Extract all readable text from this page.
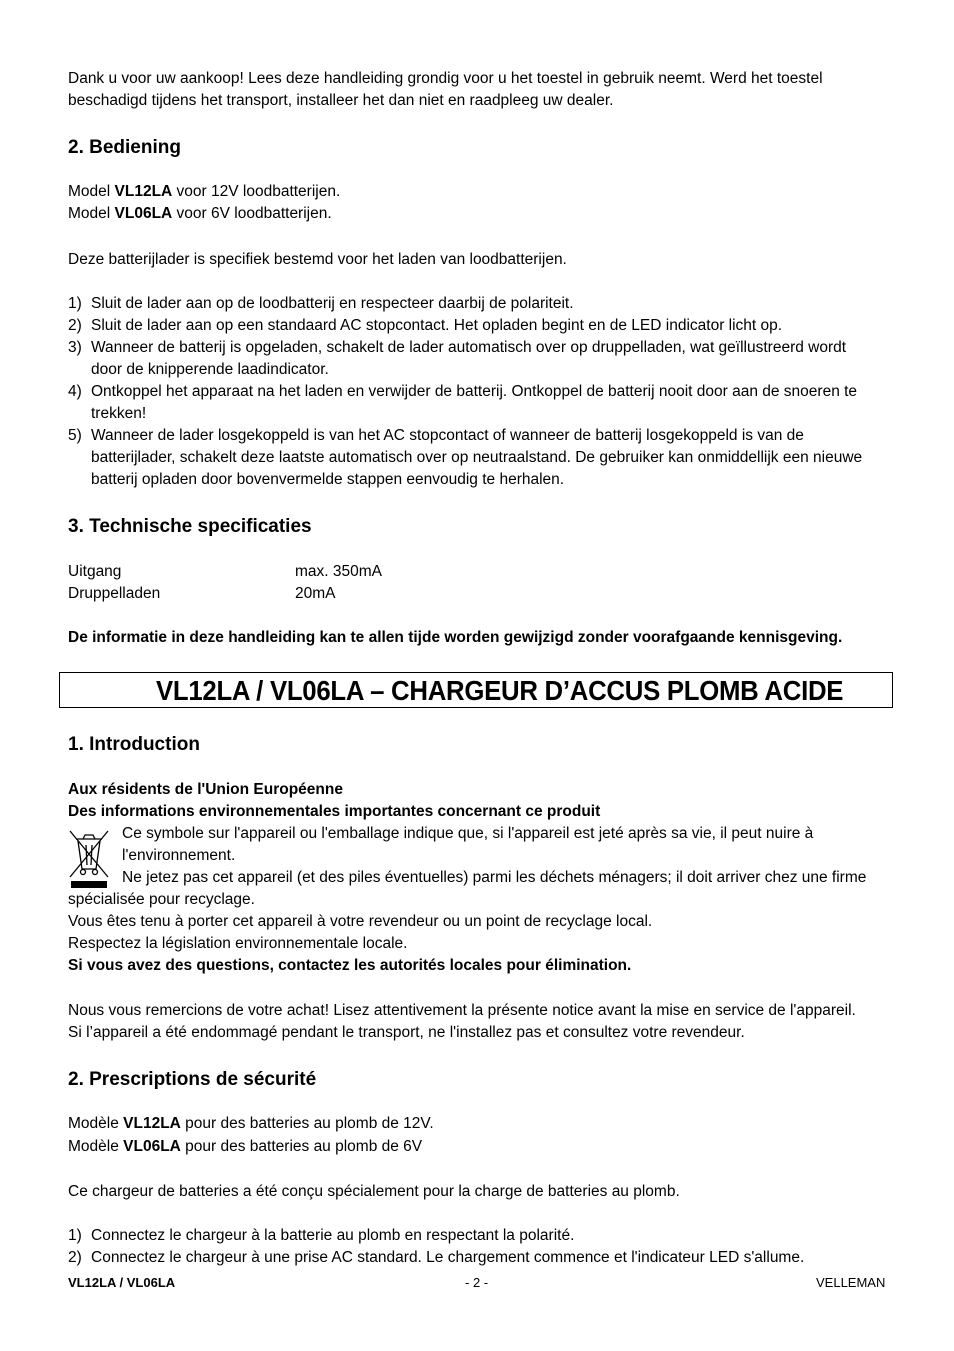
Dank u voor uw aankoop! Lees deze handleiding grondig voor u het toestel in gebruik neemt. Werd het toestel
beschadigd tijdens het transport, installeer het dan niet en raadpleeg uw dealer.
2. Bediening
Model VL12LA voor 12V loodbatterijen.
Model VL06LA voor 6V loodbatterijen.
Deze batterijlader is specifiek bestemd voor het laden van loodbatterijen.
1) Sluit de lader aan op de loodbatterij en respecteer daarbij de polariteit.
2) Sluit de lader aan op een standaard AC stopcontact. Het opladen begint en de LED indicator licht op.
3) Wanneer de batterij is opgeladen, schakelt de lader automatisch over op druppelladen, wat geïllustreerd wordt door de knipperende laadindicator.
4) Ontkoppel het apparaat na het laden en verwijder de batterij. Ontkoppel de batterij nooit door aan de snoeren te trekken!
5) Wanneer de lader losgekoppeld is van het AC stopcontact of wanneer de batterij losgekoppeld is van de batterijlader, schakelt deze laatste automatisch over op neutraalstand. De gebruiker kan onmiddellijk een nieuwe batterij opladen door bovenvermelde stappen eenvoudig te herhalen.
3. Technische specificaties
Uitgang	max. 350mA
Druppelladen	20mA
De informatie in deze handleiding kan te allen tijde worden gewijzigd zonder voorafgaande kennisgeving.
VL12LA / VL06LA – CHARGEUR D’ACCUS PLOMB ACIDE
1. Introduction
Aux résidents de l'Union Européenne
Des informations environnementales importantes concernant ce produit
Ce symbole sur l'appareil ou l'emballage indique que, si l'appareil est jeté après sa vie, il peut nuire à
l'environnement.
Ne jetez pas cet appareil (et des piles éventuelles) parmi les déchets ménagers; il doit arriver chez une firme
spécialisée pour recyclage.
Vous êtes tenu à porter cet appareil à votre revendeur ou un point de recyclage local.
Respectez la législation environnementale locale.
Si vous avez des questions, contactez les autorités locales pour élimination.
Nous vous remercions de votre achat! Lisez attentivement la présente notice avant la mise en service de l'appareil.
Si l’appareil a été endommagé pendant le transport, ne l'installez pas et consultez votre revendeur.
2. Prescriptions de sécurité
Modèle VL12LA pour des batteries au plomb de 12V.
Modèle VL06LA pour des batteries au plomb de 6V
Ce chargeur de batteries a été conçu spécialement pour la charge de batteries au plomb.
1) Connectez le chargeur à la batterie au plomb en respectant la polarité.
2) Connectez le chargeur à une prise AC standard. Le chargement commence et l'indicateur LED s'allume.
VL12LA / VL06LA	- 2 -	VELLEMAN
